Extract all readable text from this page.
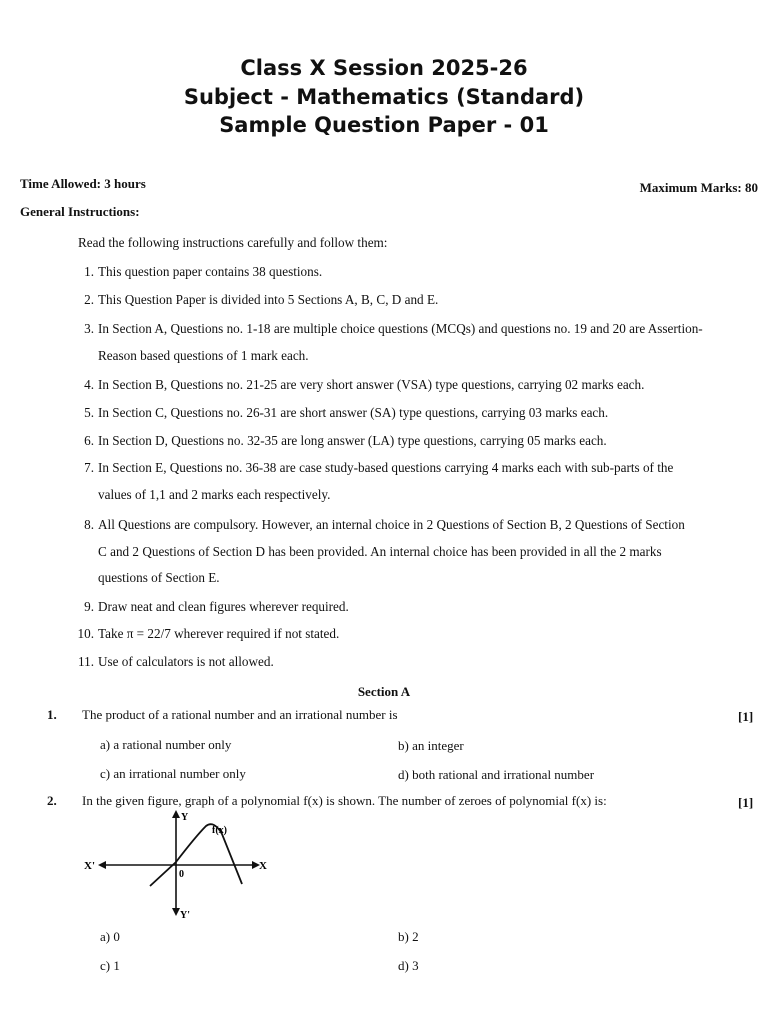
Class X Session 2025-26
Subject - Mathematics (Standard)
Sample Question Paper - 01
Time Allowed: 3 hours	Maximum Marks: 80
General Instructions:
Read the following instructions carefully and follow them:
1. This question paper contains 38 questions.
2. This Question Paper is divided into 5 Sections A, B, C, D and E.
3. In Section A, Questions no. 1-18 are multiple choice questions (MCQs) and questions no. 19 and 20 are Assertion-
Reason based questions of 1 mark each.
4. In Section B, Questions no. 21-25 are very short answer (VSA) type questions, carrying 02 marks each.
5. In Section C, Questions no. 26-31 are short answer (SA) type questions, carrying 03 marks each.
6. In Section D, Questions no. 32-35 are long answer (LA) type questions, carrying 05 marks each.
7. In Section E, Questions no. 36-38 are case study-based questions carrying 4 marks each with sub-parts of the
values of 1,1 and 2 marks each respectively.
8. All Questions are compulsory. However, an internal choice in 2 Questions of Section B, 2 Questions of Section
C and 2 Questions of Section D has been provided. An internal choice has been provided in all the 2 marks
questions of Section E.
9. Draw neat and clean figures wherever required.
10. Take π = 22/7 wherever required if not stated.
11. Use of calculators is not allowed.
Section A
1. The product of a rational number and an irrational number is	[1]
a) a rational number only	b) an integer
c) an irrational number only	d) both rational and irrational number
2. In the given figure, graph of a polynomial f(x) is shown. The number of zeroes of polynomial f(x) is:	[1]
Y
Y'
X
X'
0
f(x)
a) 0	b) 2
c) 1	d) 3
